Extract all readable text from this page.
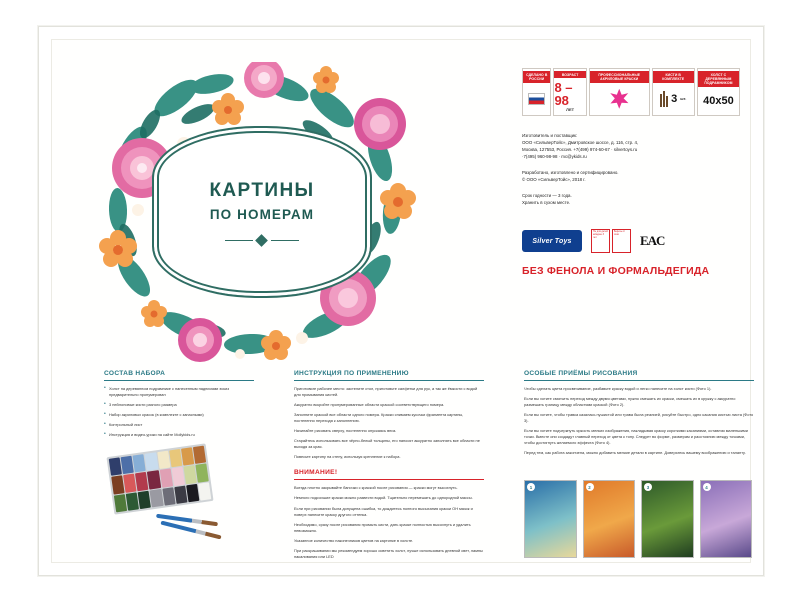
КАРТИНЫ
ПО НОМЕРАМ
СДЕЛАНО В РОССИИ
ВОЗРАСТ
8 – 98
ЛЕТ
ПРОФЕССИОНАЛЬНЫЕ АКРИЛОВЫЕ КРАСКИ
КИСТИ В КОМПЛЕКТЕ
3 шт.
ХОЛСТ С ДЕРЕВЯННЫМ ПОДРАМНИКОМ
40x50

Изготовитель и поставщик:
ООО «СильверТойс», Дмитровское шоссе, д. 116, стр. 4,
Москва, 127553, Россия. +7(499) 974-60-67 · silvertoys.ru
·7(495) 960-98-98 · mc@ykids.ru

Разработано, изготовлено и сертифицировано.
© ООО «СильверТойс», 2018 г.

Срок годности — 3 года.
Хранить в сухом месте.

Silver Toys
Не для детей младше 3 лет
Беречь от огня	EAC
БЕЗ ФЕНОЛА И ФОРМАЛЬДЕГИДА
СОСТАВ НАБОРА
• Холст на деревянном подрамнике с нанесенным надписями эскиз предварительно пронумерован
• 3 нейлоновые кисти разного размера
• Набор акриловых красок (в комплекте с запасными)
• Контрольный лист
• Инструкция и видео-уроки на сайте Mollykids.ru
ИНСТРУКЦИЯ ПО ПРИМЕНЕНИЮ

Приготовьте рабочее место: застелите стол, приготовьте салфетки для рук, а так же ёмкости с водой для промывания кистей.

Аккуратно вскройте пронумерованные области краской соответствующего номера.

Заполните краской все области одного номера. Краски снимаем кусочки фрагмента картины, постепенно переходя к заполнению.

Начинайте рисовать сверху, постепенно опускаясь вниз.

Старайтесь использовать все чёрно-белый толщины, его наносят аккуратно заполнять все области не выходя за края.

Повесьте картину на стену, используя крепление к набора.

ВНИМАНИЕ!

Всегда плотно закрывайте баночки с краской после рисования — краски могут высохнуть.

Немного подсохшие краски можно развести водой. Тщательно перемешать до однородной массы.

Если при рисовании была допущена ошибка, то дождитесь полного высыхания краски ОН мазок и поверх нанесите краску другого оттенка.

Необходимо, сразу после рисования промыть кисти, дать краске полностью высохнуть и удалить невозможно.

Указанное количество наконечников цветов на картинке в холсте.

При раскрашивании мы рекомендуем хорошо осветить холст, лучше использовать дневной свет, лампы накаливания или LED

ОСОБЫЕ ПРИЁМЫ РИСОВАНИЯ

Чтобы сделать цвета просвечивание, разбавьте краску водой и легко нанесите на холст кисти (Фото 1).

Если вы хотите смягчить переход между двумя цветами, нужно смешать их краски, смешать их в кружку с аккуратно размешать границу между областями краской (Фото 2).

Если вы хотите, чтобы травка казалась пушистой или трава была реалией, рисуйте быстро, одно касания кистью листа (Фото 3).

Если вы хотите подчеркнуть яркость мелких изображения, накладывая краску короткими касаниями, оставляя маленькими точки. Вместе они создадут главный переход от цвета к тону. Следует во форме, размерам и расстоянию между точками, чтобы достигнуть желаемого эффекта (Фото 4).

Перед тем, как работа закончена, можно добавить мелкие детали в картине. Доверьтесь вашему воображению и таланту.

1	2	3	4
